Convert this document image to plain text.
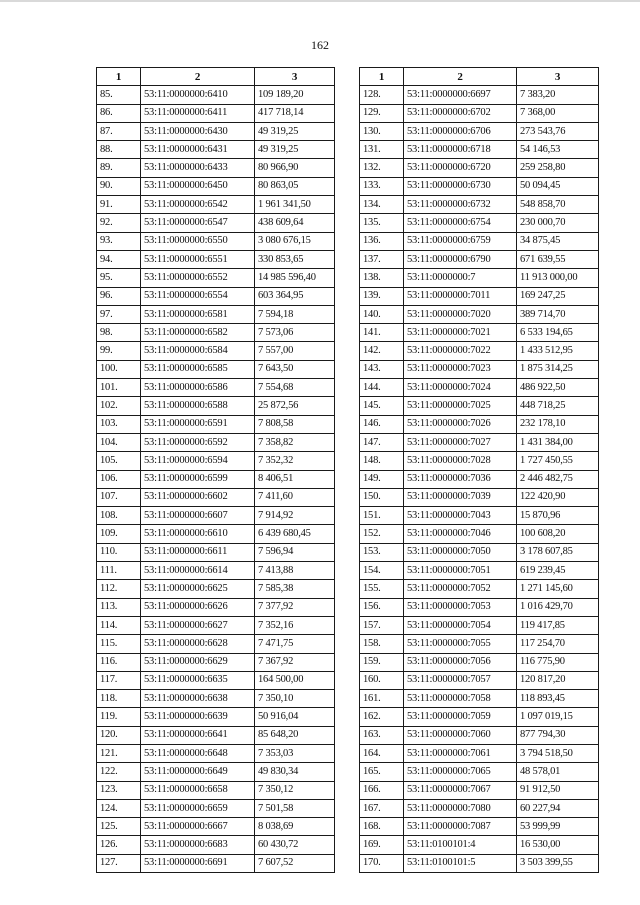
162
1	2	3
85.	53:11:0000000:6410	109 189,20
86.	53:11:0000000:6411	417 718,14
87.	53:11:0000000:6430	49 319,25
88.	53:11:0000000:6431	49 319,25
89.	53:11:0000000:6433	80 966,90
90.	53:11:0000000:6450	80 863,05
91.	53:11:0000000:6542	1 961 341,50
92.	53:11:0000000:6547	438 609,64
93.	53:11:0000000:6550	3 080 676,15
94.	53:11:0000000:6551	330 853,65
95.	53:11:0000000:6552	14 985 596,40
96.	53:11:0000000:6554	603 364,95
97.	53:11:0000000:6581	7 594,18
98.	53:11:0000000:6582	7 573,06
99.	53:11:0000000:6584	7 557,00
100.	53:11:0000000:6585	7 643,50
101.	53:11:0000000:6586	7 554,68
102.	53:11:0000000:6588	25 872,56
103.	53:11:0000000:6591	7 808,58
104.	53:11:0000000:6592	7 358,82
105.	53:11:0000000:6594	7 352,32
106.	53:11:0000000:6599	8 406,51
107.	53:11:0000000:6602	7 411,60
108.	53:11:0000000:6607	7 914,92
109.	53:11:0000000:6610	6 439 680,45
110.	53:11:0000000:6611	7 596,94
111.	53:11:0000000:6614	7 413,88
112.	53:11:0000000:6625	7 585,38
113.	53:11:0000000:6626	7 377,92
114.	53:11:0000000:6627	7 352,16
115.	53:11:0000000:6628	7 471,75
116.	53:11:0000000:6629	7 367,92
117.	53:11:0000000:6635	164 500,00
118.	53:11:0000000:6638	7 350,10
119.	53:11:0000000:6639	50 916,04
120.	53:11:0000000:6641	85 648,20
121.	53:11:0000000:6648	7 353,03
122.	53:11:0000000:6649	49 830,34
123.	53:11:0000000:6658	7 350,12
124.	53:11:0000000:6659	7 501,58
125.	53:11:0000000:6667	8 038,69
126.	53:11:0000000:6683	60 430,72
127.	53:11:0000000:6691	7 607,52
1	2	3
128.	53:11:0000000:6697	7 383,20
129.	53:11:0000000:6702	7 368,00
130.	53:11:0000000:6706	273 543,76
131.	53:11:0000000:6718	54 146,53
132.	53:11:0000000:6720	259 258,80
133.	53:11:0000000:6730	50 094,45
134.	53:11:0000000:6732	548 858,70
135.	53:11:0000000:6754	230 000,70
136.	53:11:0000000:6759	34 875,45
137.	53:11:0000000:6790	671 639,55
138.	53:11:0000000:7	11 913 000,00
139.	53:11:0000000:7011	169 247,25
140.	53:11:0000000:7020	389 714,70
141.	53:11:0000000:7021	6 533 194,65
142.	53:11:0000000:7022	1 433 512,95
143.	53:11:0000000:7023	1 875 314,25
144.	53:11:0000000:7024	486 922,50
145.	53:11:0000000:7025	448 718,25
146.	53:11:0000000:7026	232 178,10
147.	53:11:0000000:7027	1 431 384,00
148.	53:11:0000000:7028	1 727 450,55
149.	53:11:0000000:7036	2 446 482,75
150.	53:11:0000000:7039	122 420,90
151.	53:11:0000000:7043	15 870,96
152.	53:11:0000000:7046	100 608,20
153.	53:11:0000000:7050	3 178 607,85
154.	53:11:0000000:7051	619 239,45
155.	53:11:0000000:7052	1 271 145,60
156.	53:11:0000000:7053	1 016 429,70
157.	53:11:0000000:7054	119 417,85
158.	53:11:0000000:7055	117 254,70
159.	53:11:0000000:7056	116 775,90
160.	53:11:0000000:7057	120 817,20
161.	53:11:0000000:7058	118 893,45
162.	53:11:0000000:7059	1 097 019,15
163.	53:11:0000000:7060	877 794,30
164.	53:11:0000000:7061	3 794 518,50
165.	53:11:0000000:7065	48 578,01
166.	53:11:0000000:7067	91 912,50
167.	53:11:0000000:7080	60 227,94
168.	53:11:0000000:7087	53 999,99
169.	53:11:0100101:4	16 530,00
170.	53:11:0100101:5	3 503 399,55
